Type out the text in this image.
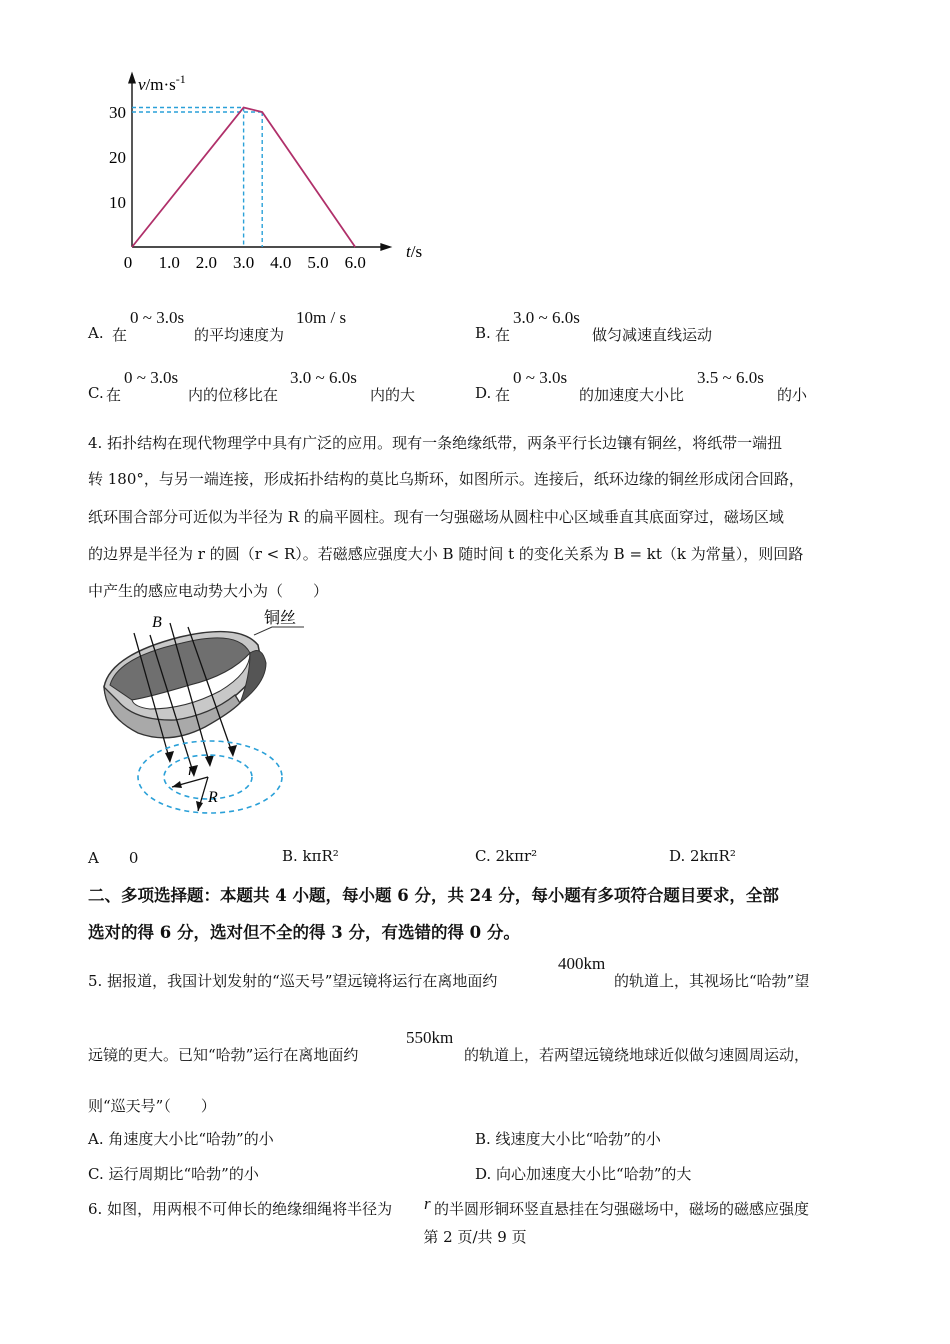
0 1.0 2.0 3.0 4.0 5.0 6.0
10
20
30
$v/m\cdot s^{-1}$
t/s
A. 在
0 ~ 3.0s
的平均速度为
10m / s
B. 在
3.0 ~ 6.0s
做匀减速直线运动
C. 在
0 ~ 3.0s
内的位移比在
3.0 ~ 6.0s
内的大	D. 在
0 ~ 3.0s
的加速度大小比
3.5 ~ 6.0s
的小
4. 拓扑结构在现代物理学中具有广泛的应用。现有一条绝缘纸带，两条平行长边镶有铜丝，将纸带一端扭
转 180°，与另一端连接，形成拓扑结构的莫比乌斯环，如图所示。连接后，纸环边缘的铜丝形成闭合回路，
纸环围合部分可近似为半径为 R 的扁平圆柱。现有一匀强磁场从圆柱中心区域垂直其底面穿过，磁场区域
的边界是半径为 r 的圆（r < R）。若磁感应强度大小 B 随时间 t 的变化关系为 B = kt（k 为常量），则回路
中产生的感应电动势大小为（　　）
铜丝
B
r
R
A　　0	B. kπR²	C. 2kπr²	D. 2kπR²
二、多项选择题：本题共 4 小题，每小题 6 分，共 24 分，每小题有多项符合题目要求，全部
选对的得 6 分，选对但不全的得 3 分，有选错的得 0 分。
5. 据报道，我国计划发射的“巡天号”望远镜将运行在离地面约
400km
的轨道上，其视场比“哈勃”望
远镜的更大。已知“哈勃”运行在离地面约
550km
的轨道上，若两望远镜绕地球近似做匀速圆周运动，
则“巡天号”（　　）
A. 角速度大小比“哈勃”的小	B. 线速度大小比“哈勃”的小
C. 运行周期比“哈勃”的小	D. 向心加速度大小比“哈勃”的大
6. 如图，用两根不可伸长的绝缘细绳将半径为 r 的半圆形铜环竖直悬挂在匀强磁场中，磁场的磁感应强度
第 2 页/共 9 页
